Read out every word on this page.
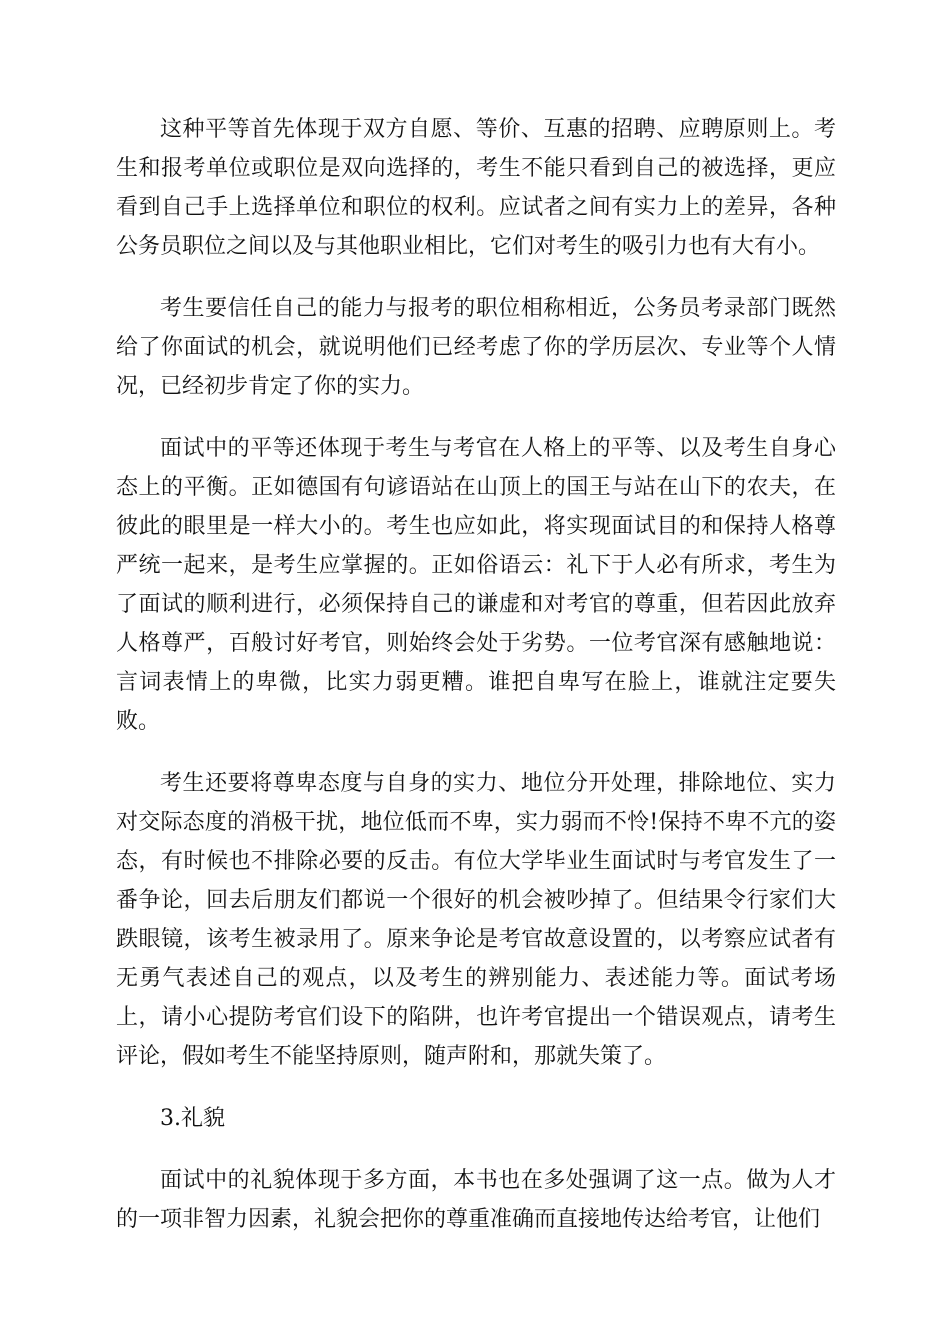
这种平等首先体现于双方自愿、等价、互惠的招聘、应聘原则上。考生和报考单位或职位是双向选择的，考生不能只看到自己的被选择，更应看到自己手上选择单位和职位的权利。应试者之间有实力上的差异，各种公务员职位之间以及与其他职业相比，它们对考生的吸引力也有大有小。

考生要信任自己的能力与报考的职位相称相近，公务员考录部门既然给了你面试的机会，就说明他们已经考虑了你的学历层次、专业等个人情况，已经初步肯定了你的实力。

面试中的平等还体现于考生与考官在人格上的平等、以及考生自身心态上的平衡。正如德国有句谚语站在山顶上的国王与站在山下的农夫，在彼此的眼里是一样大小的。考生也应如此，将实现面试目的和保持人格尊严统一起来，是考生应掌握的。正如俗语云：礼下于人必有所求，考生为了面试的顺利进行，必须保持自己的谦虚和对考官的尊重，但若因此放弃人格尊严，百般讨好考官，则始终会处于劣势。一位考官深有感触地说：言词表情上的卑微，比实力弱更糟。谁把自卑写在脸上，谁就注定要失败。

考生还要将尊卑态度与自身的实力、地位分开处理，排除地位、实力对交际态度的消极干扰，地位低而不卑，实力弱而不怜!保持不卑不亢的姿态，有时候也不排除必要的反击。有位大学毕业生面试时与考官发生了一番争论，回去后朋友们都说一个很好的机会被吵掉了。但结果令行家们大跌眼镜，该考生被录用了。原来争论是考官故意设置的，以考察应试者有无勇气表述自己的观点，以及考生的辨别能力、表述能力等。面试考场上，请小心提防考官们设下的陷阱，也许考官提出一个错误观点，请考生评论，假如考生不能坚持原则，随声附和，那就失策了。

3.礼貌

面试中的礼貌体现于多方面，本书也在多处强调了这一点。做为人才的一项非智力因素，礼貌会把你的尊重准确而直接地传达给考官，让他们
